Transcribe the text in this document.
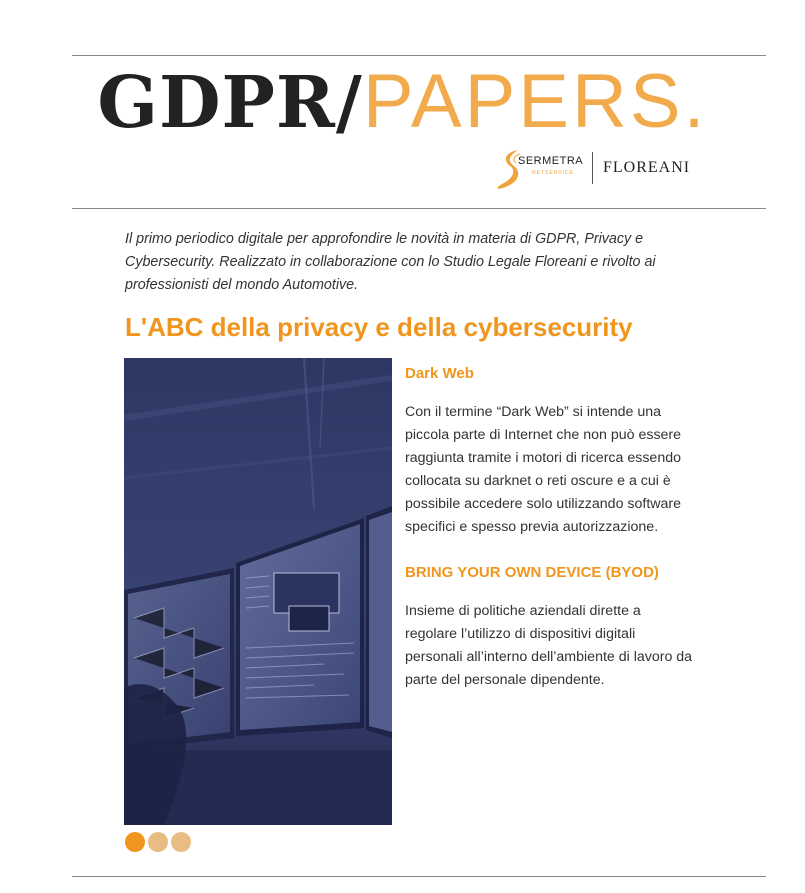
GDPR/PAPERS.
SERMETRA
NETSERVICE FLOREANI

Il primo periodico digitale per approfondire le novità in materia di GDPR, Privacy e Cybersecurity. Realizzato in collaborazione con lo Studio Legale Floreani e rivolto ai professionisti del mondo Automotive.

L'ABC della privacy e della cybersecurity
Dark Web

Con il termine “Dark Web” si intende una piccola parte di Internet che non può essere raggiunta tramite i motori di ricerca essendo collocata su darknet o reti oscure e a cui è possibile accedere solo utilizzando software specifici e spesso previa autorizzazione.

BRING YOUR OWN DEVICE (BYOD)

Insieme di politiche aziendali dirette a regolare l’utilizzo di dispositivi digitali personali all’interno dell’ambiente di lavoro da parte del personale dipendente.
